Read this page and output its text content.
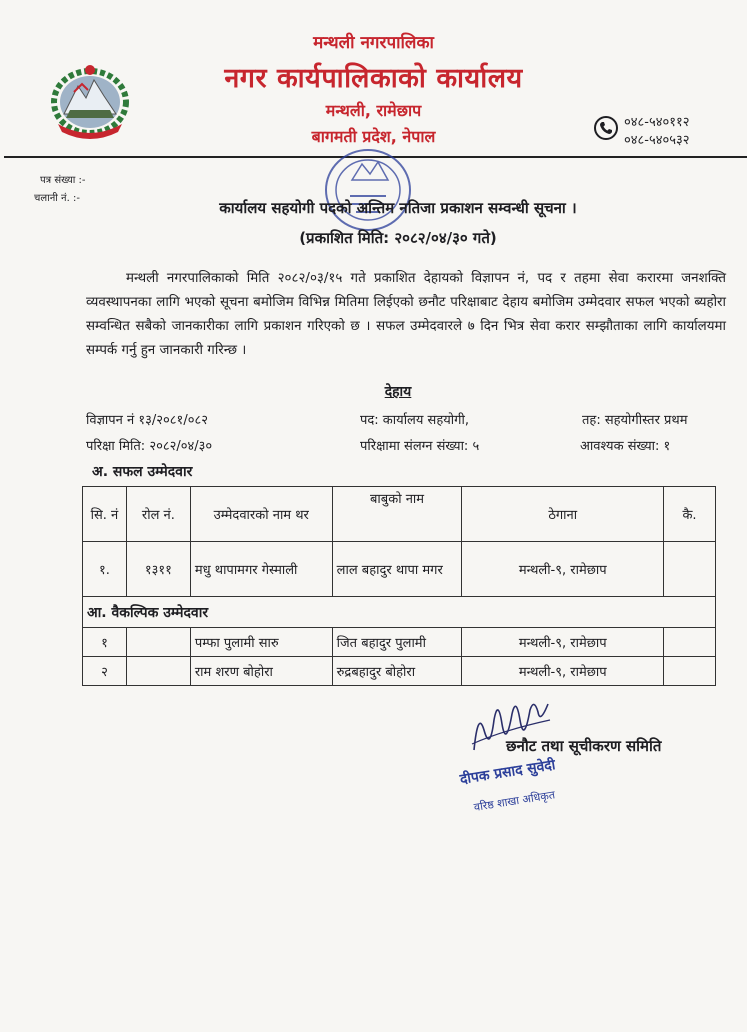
मन्थली नगरपालिका
नगर कार्यपालिकाको कार्यालय
मन्थली, रामेछाप
बागमती प्रदेश, नेपाल
०४८-५४०११२
०४८-५४०५३२
पत्र संख्या :-
चलानी नं. :-
कार्यालय सहयोगी पदको अन्तिम नतिजा प्रकाशन सम्वन्धी सूचना ।
(प्रकाशित मिति: २०८२/०४/३० गते)
मन्थली नगरपालिकाको मिति २०८२/०३/१५ गते प्रकाशित देहायको विज्ञापन नं, पद र तहमा सेवा करारमा जनशक्ति व्यवस्थापनका लागि भएको सूचना बमोजिम विभिन्न मितिमा लिईएको छनौट परिक्षाबाट देहाय बमोजिम उम्मेदवार सफल भएको ब्यहोरा सम्वन्धित सबैको जानकारीका लागि प्रकाशन गरिएको छ । सफल उम्मेदवारले ७ दिन भित्र सेवा करार सम्झौताका लागि कार्यालयमा सम्पर्क गर्नु हुन जानकारी गरिन्छ ।
देहाय
विज्ञापन नं १३/२०८१/०८२	पद: कार्यालय सहयोगी,	तह: सहयोगीस्तर प्रथम
परिक्षा मिति: २०८२/०४/३०	परिक्षामा संलग्न संख्या: ५	आवश्यक संख्या: १
अ. सफल उम्मेदवार
सि. नं	रोल नं.	उम्मेदवारको नाम थर	बाबुको नाम	ठेगाना	कै.
१.	१३११	मधु थापामगर गेस्माली	लाल बहादुर थापा मगर	मन्थली-९, रामेछाप	
आ. वैकल्पिक उम्मेदवार					
१		पम्फा पुलामी सारु	जित बहादुर पुलामी	मन्थली-९, रामेछाप	
२		राम शरण बोहोरा	रुद्रबहादुर बोहोरा	मन्थली-९, रामेछाप	
छनौट तथा सूचीकरण समिति
दीपक प्रसाद सुवेदी
वरिष्ठ शाखा अधिकृत
